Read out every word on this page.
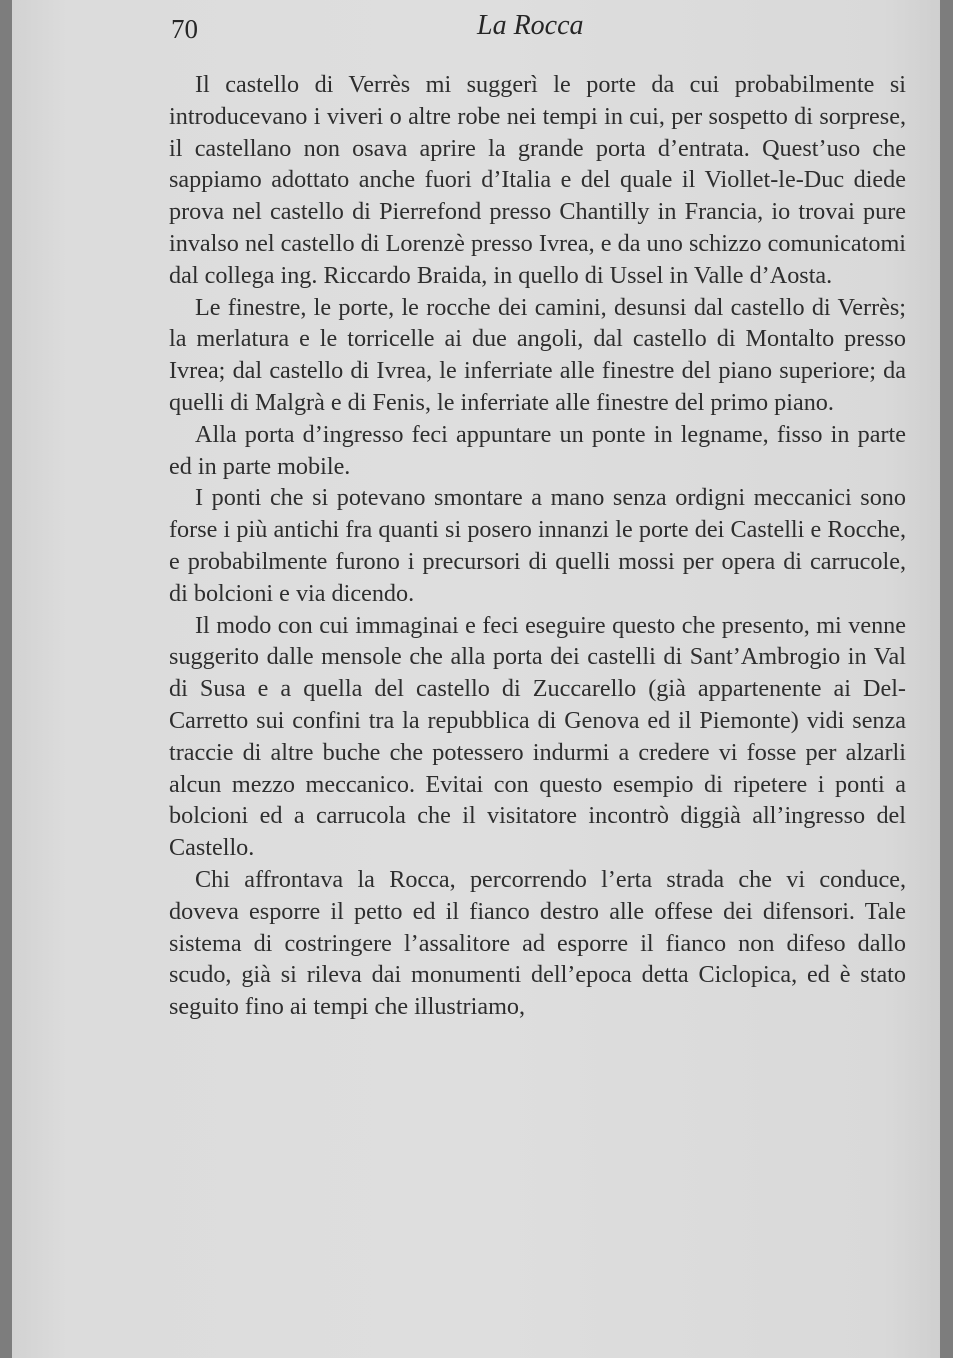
70	La Rocca

Il castello di Verrès mi suggerì le porte da cui probabilmente si introducevano i viveri o altre robe nei tempi in cui, per sospetto di sorprese, il castellano non osava aprire la grande porta d’entrata. Quest’uso che sappiamo adottato anche fuori d’Italia e del quale il Viollet-le-Duc diede prova nel castello di Pierrefond presso Chantilly in Francia, io trovai pure invalso nel castello di Lorenzè presso Ivrea, e da uno schizzo comunicatomi dal collega ing. Riccardo Braida, in quello di Ussel in Valle d’Aosta.

Le finestre, le porte, le rocche dei camini, desunsi dal castello di Verrès; la merlatura e le torricelle ai due angoli, dal castello di Montalto presso Ivrea; dal castello di Ivrea, le inferriate alle finestre del piano superiore; da quelli di Malgrà e di Fenis, le inferriate alle finestre del primo piano.

Alla porta d’ingresso feci appuntare un ponte in legname, fisso in parte ed in parte mobile.

I ponti che si potevano smontare a mano senza ordigni meccanici sono forse i più antichi fra quanti si posero innanzi le porte dei Castelli e Rocche, e probabilmente furono i precursori di quelli mossi per opera di carrucole, di bolcioni e via dicendo.

Il modo con cui immaginai e feci eseguire questo che presento, mi venne suggerito dalle mensole che alla porta dei castelli di Sant’Ambrogio in Val di Susa e a quella del castello di Zuccarello (già appartenente ai Del-Carretto sui confini tra la repubblica di Genova ed il Piemonte) vidi senza traccie di altre buche che potessero indurmi a credere vi fosse per alzarli alcun mezzo meccanico. Evitai con questo esempio di ripetere i ponti a bolcioni ed a carrucola che il visitatore incontrò diggià all’ingresso del Castello.

Chi affrontava la Rocca, percorrendo l’erta strada che vi conduce, doveva esporre il petto ed il fianco destro alle offese dei difensori. Tale sistema di costringere l’assalitore ad esporre il fianco non difeso dallo scudo, già si rileva dai monumenti dell’epoca detta Ciclopica, ed è stato seguito fino ai tempi che illustriamo,
